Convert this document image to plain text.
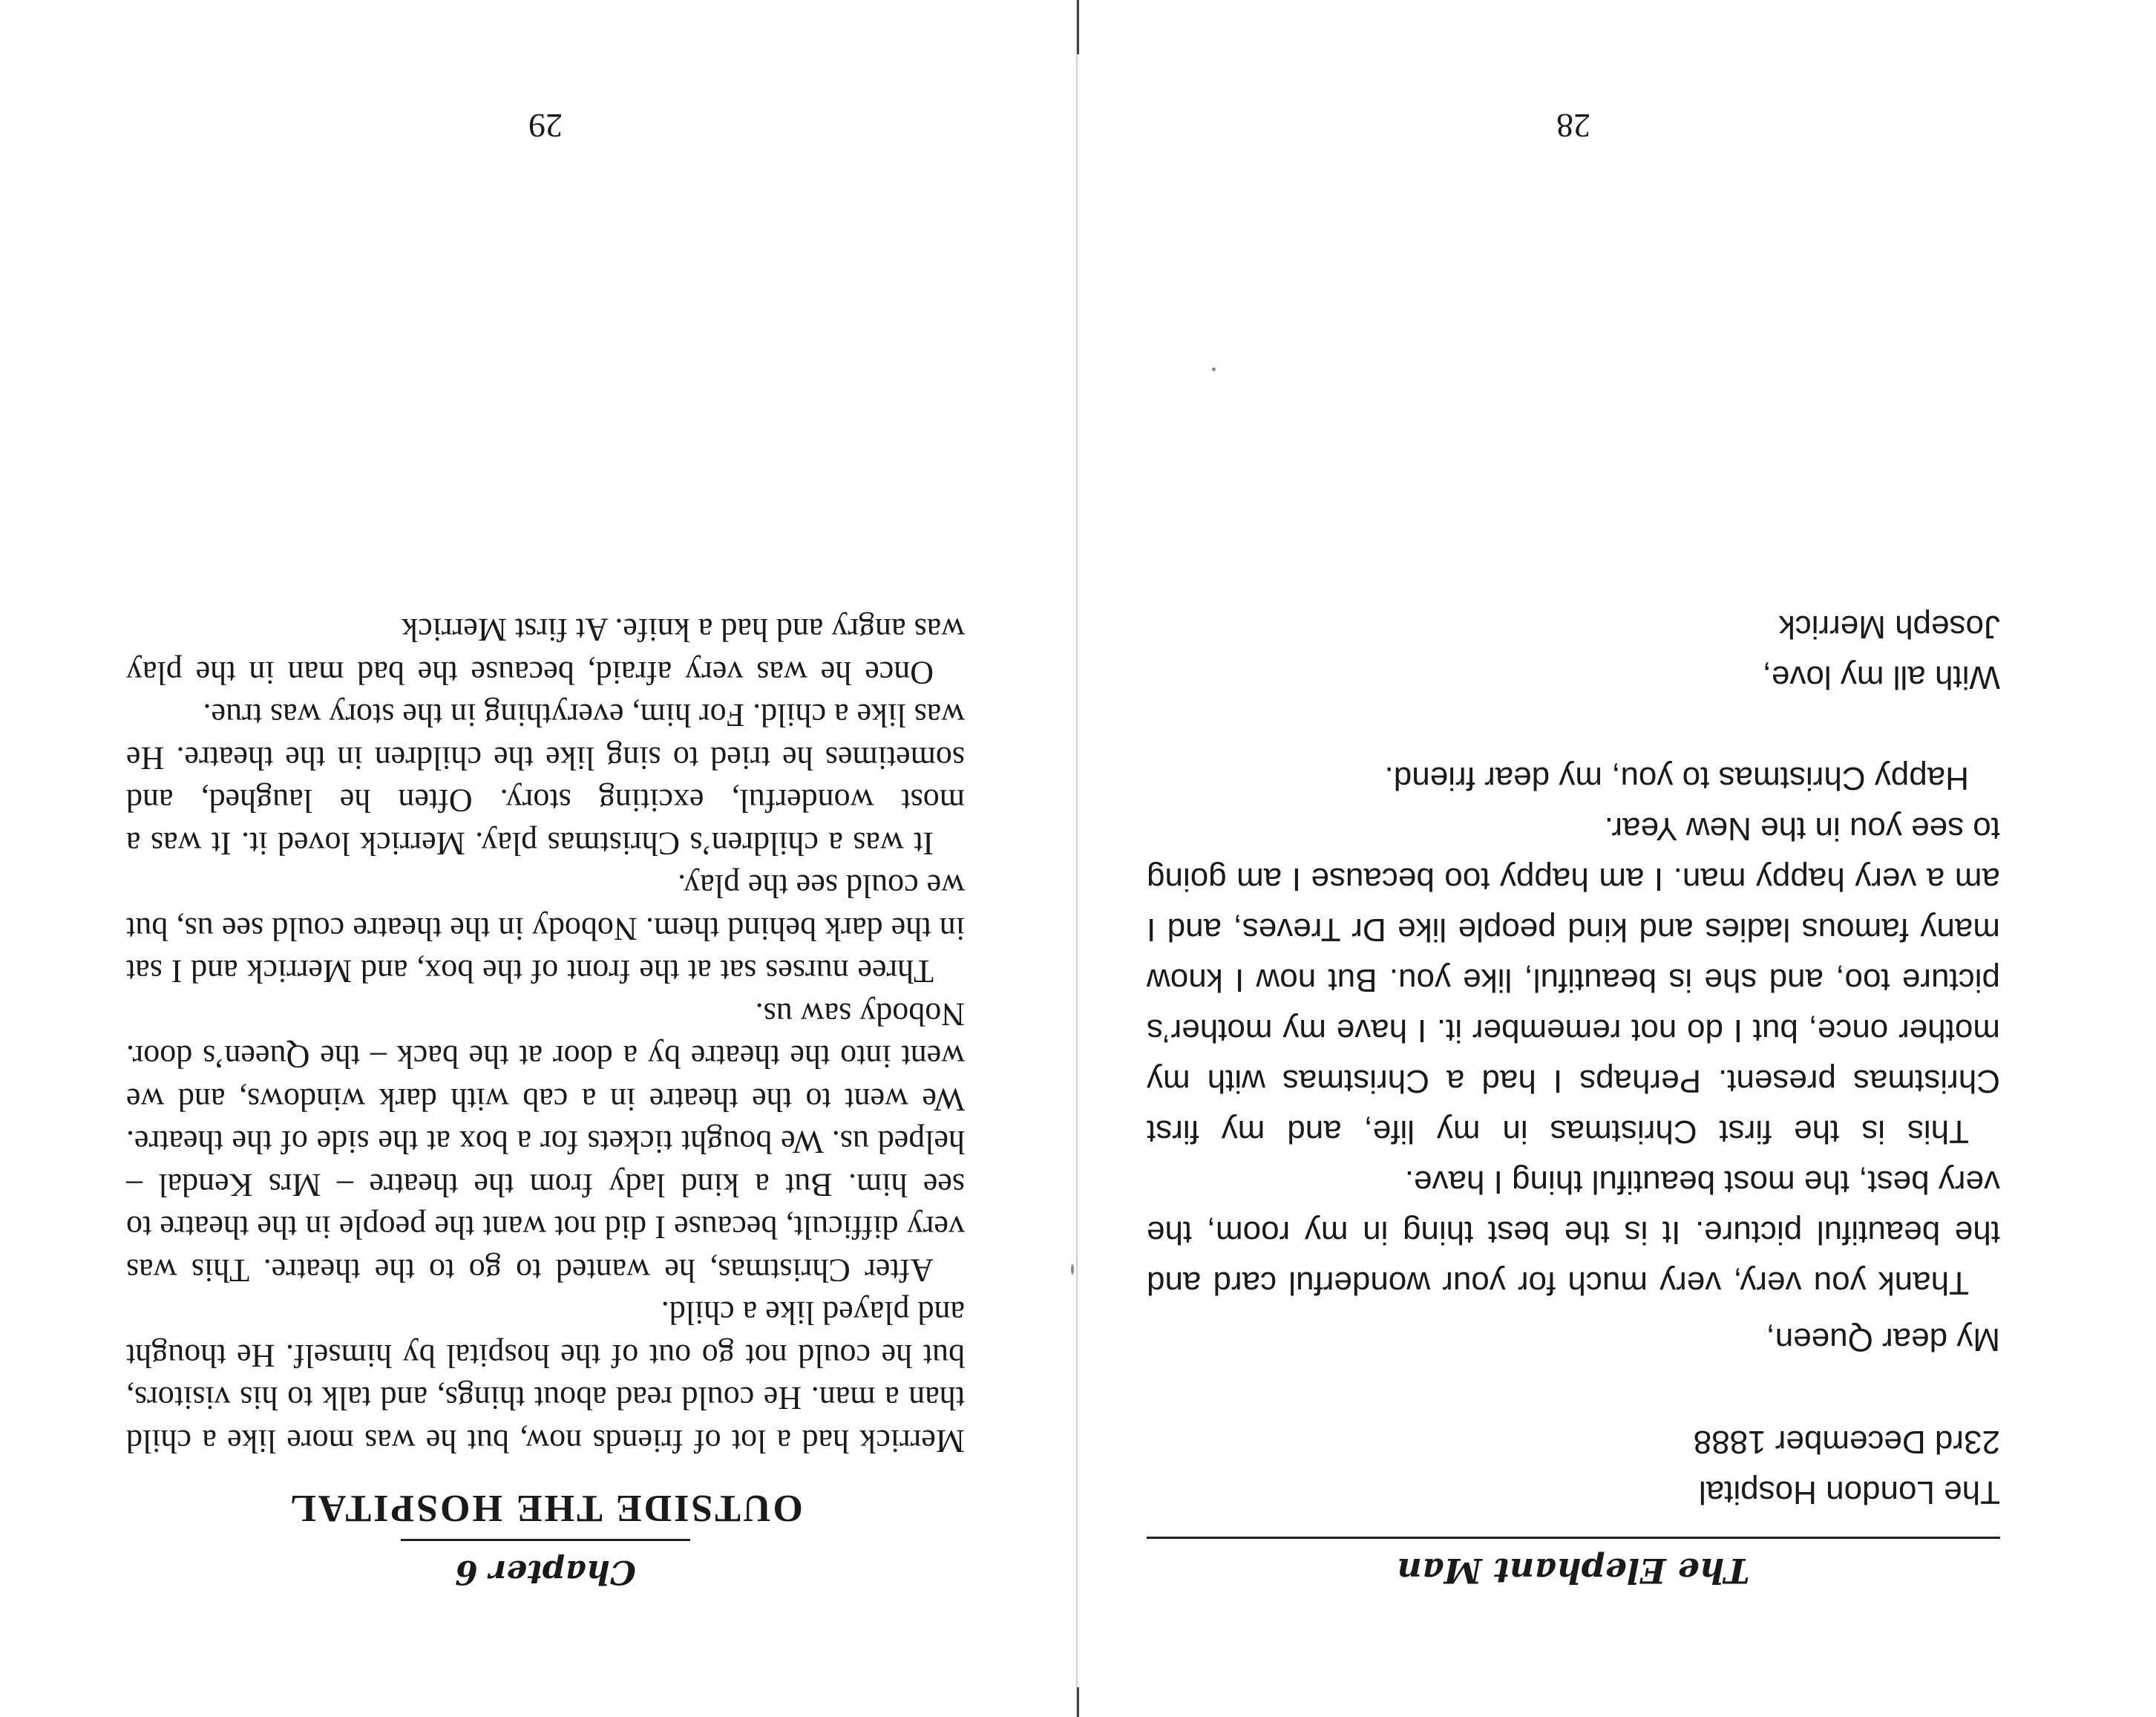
The Elephant Man

The London Hospital

23rd December 1888

My dear Queen,

Thank you very, very much for your wonderful card and the beautiful picture. It is the best thing in my room, the very best, the most beautiful thing I have.

This is the first Christmas in my life, and my first Christmas present. Perhaps I had a Christmas with my mother once, but I do not remember it. I have my mother’s picture too, and she is beautiful, like you. But now I know many famous ladies and kind people like Dr Treves, and I am a very happy man. I am happy too because I am going to see you in the New Year.

Happy Christmas to you, my dear friend.

With all my love,

Joseph Merrick

28
Chapter 6
OUTSIDE THE HOSPITAL

Merrick had a lot of friends now, but he was more like a child than a man. He could read about things, and talk to his visitors, but he could not go out of the hospital by himself. He thought and played like a child.

After Christmas, he wanted to go to the theatre. This was very difficult, because I did not want the people in the theatre to see him. But a kind lady from the theatre – Mrs Kendal – helped us. We bought tickets for a box at the side of the theatre. We went to the theatre in a cab with dark windows, and we went into the theatre by a door at the back – the Queen’s door. Nobody saw us.

Three nurses sat at the front of the box, and Merrick and I sat in the dark behind them. Nobody in the theatre could see us, but we could see the play.

It was a children’s Christmas play. Merrick loved it. It was a most wonderful, exciting story. Often he laughed, and sometimes he tried to sing like the children in the theatre. He was like a child. For him, everything in the story was true.

Once he was very afraid, because the bad man in the play was angry and had a knife. At first Merrick

29
